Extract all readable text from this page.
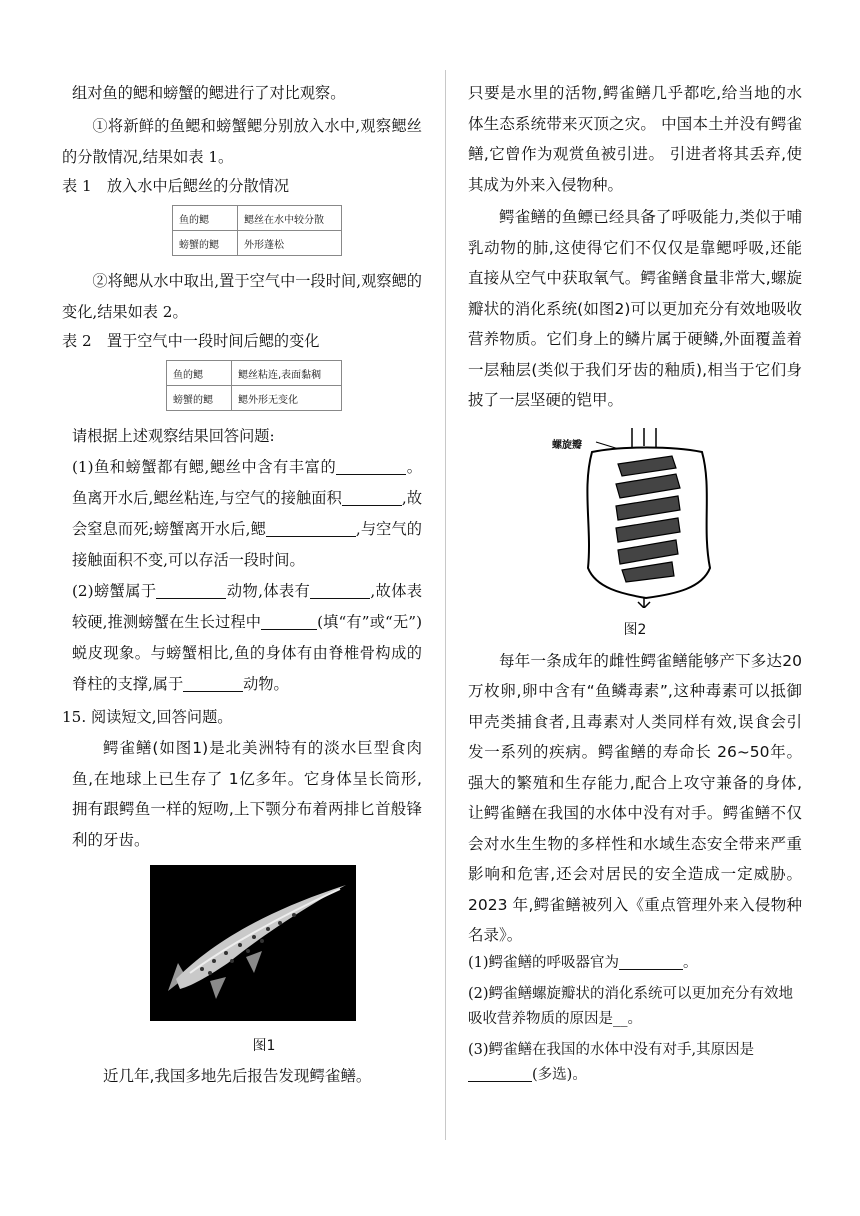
组对鱼的鳃和螃蟹的鳃进行了对比观察。

①将新鲜的鱼鳃和螃蟹鳃分别放入水中,观察鳃丝的分散情况,结果如表 1。

表 1　放入水中后鳃丝的分散情况

鱼的鳃	鳃丝在水中较分散
螃蟹的鳃	外形蓬松

②将鳃从水中取出,置于空气中一段时间,观察鳃的变化,结果如表 2。

表 2　置于空气中一段时间后鳃的变化

鱼的鳃	鳃丝粘连,表面黏稠
螃蟹的鳃	鳃外形无变化

请根据上述观察结果回答问题:

(1)鱼和螃蟹都有鳃,鳃丝中含有丰富的	。鱼离开水后,鳃丝粘连,与空气的接触面积	,故会窒息而死;螃蟹离开水后,鳃	,与空气的接触面积不变,可以存活一段时间。

(2)螃蟹属于	动物,体表有	,故体表较硬,推测螃蟹在生长过程中	(填“有”或“无”)蜕皮现象。与螃蟹相比,鱼的身体有由脊椎骨构成的脊柱的支撑,属于	动物。

15. 阅读短文,回答问题。

鳄雀鳝(如图1)是北美洲特有的淡水巨型食肉鱼,在地球上已生存了 1亿多年。它身体呈长筒形,拥有跟鳄鱼一样的短吻,上下颚分布着两排匕首般锋利的牙齿。

图1

近几年,我国多地先后报告发现鳄雀鳝。

只要是水里的活物,鳄雀鳝几乎都吃,给当地的水体生态系统带来灭顶之灾。 中国本土并没有鳄雀鳝,它曾作为观赏鱼被引进。 引进者将其丢弃,使其成为外来入侵物种。

鳄雀鳝的鱼鳔已经具备了呼吸能力,类似于哺乳动物的肺,这使得它们不仅仅是靠鳃呼吸,还能直接从空气中获取氧气。鳄雀鳝食量非常大,螺旋瓣状的消化系统(如图2)可以更加充分有效地吸收营养物质。它们身上的鳞片属于硬鳞,外面覆盖着一层釉层(类似于我们牙齿的釉质),相当于它们身披了一层坚硬的铠甲。

螺旋瓣

图2

每年一条成年的雌性鳄雀鳝能够产下多达20万枚卵,卵中含有“鱼鳞毒素”,这种毒素可以抵御甲壳类捕食者,且毒素对人类同样有效,误食会引发一系列的疾病。鳄雀鳝的寿命长 26~50年。强大的繁殖和生存能力,配合上攻守兼备的身体,让鳄雀鳝在我国的水体中没有对手。鳄雀鳝不仅会对水生生物的多样性和水域生态安全带来严重影响和危害,还会对居民的安全造成一定威胁。2023 年,鳄雀鳝被列入《重点管理外来入侵物种名录》。

(1)鳄雀鳝的呼吸器官为	。

(2)鳄雀鳝螺旋瓣状的消化系统可以更加充分有效地吸收营养物质的原因是__。

(3)鳄雀鳝在我国的水体中没有对手,其原因是(多选)。
